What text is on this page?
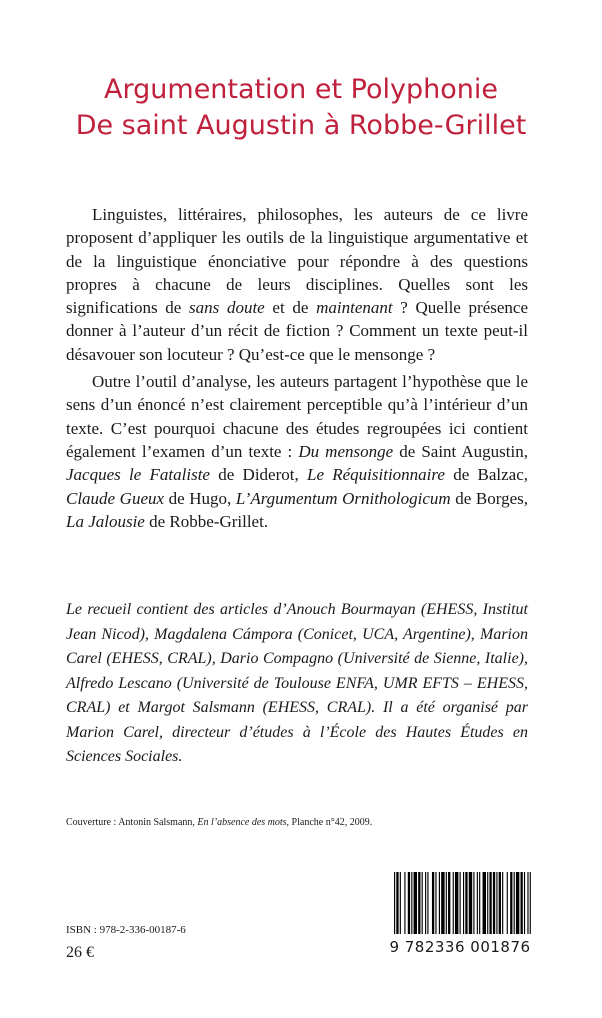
Argumentation et Polyphonie
De saint Augustin à Robbe-Grillet

Linguistes, littéraires, philosophes, les auteurs de ce livre proposent d’appliquer les outils de la linguistique argumentative et de la linguistique énonciative pour répondre à des questions propres à chacune de leurs disciplines. Quelles sont les significations de sans doute et de maintenant ? Quelle présence donner à l’auteur d’un récit de fiction ? Comment un texte peut-il désavouer son locuteur ? Qu’est-ce que le mensonge ?

Outre l’outil d’analyse, les auteurs partagent l’hypothèse que le sens d’un énoncé n’est clairement perceptible qu’à l’intérieur d’un texte. C’est pourquoi chacune des études regroupées ici contient également l’examen d’un texte : Du mensonge de Saint Augustin, Jacques le Fataliste de Diderot, Le Réquisitionnaire de Balzac, Claude Gueux de Hugo, L’Argumentum Ornithologicum de Borges, La Jalousie de Robbe-Grillet.

Le recueil contient des articles d’Anouch Bourmayan (EHESS, Institut Jean Nicod), Magdalena Cámpora (Conicet, UCA, Argentine), Marion Carel (EHESS, CRAL), Dario Compagno (Université de Sienne, Italie), Alfredo Lescano (Université de Toulouse ENFA, UMR EFTS – EHESS, CRAL) et Margot Salsmann (EHESS, CRAL). Il a été organisé par Marion Carel, directeur d’études à l’École des Hautes Études en Sciences Sociales.
Couverture : Antonin Salsmann, En l’absence des mots, Planche n°42, 2009.
ISBN : 978-2-336-00187-6
26 €	9 782336 001876
